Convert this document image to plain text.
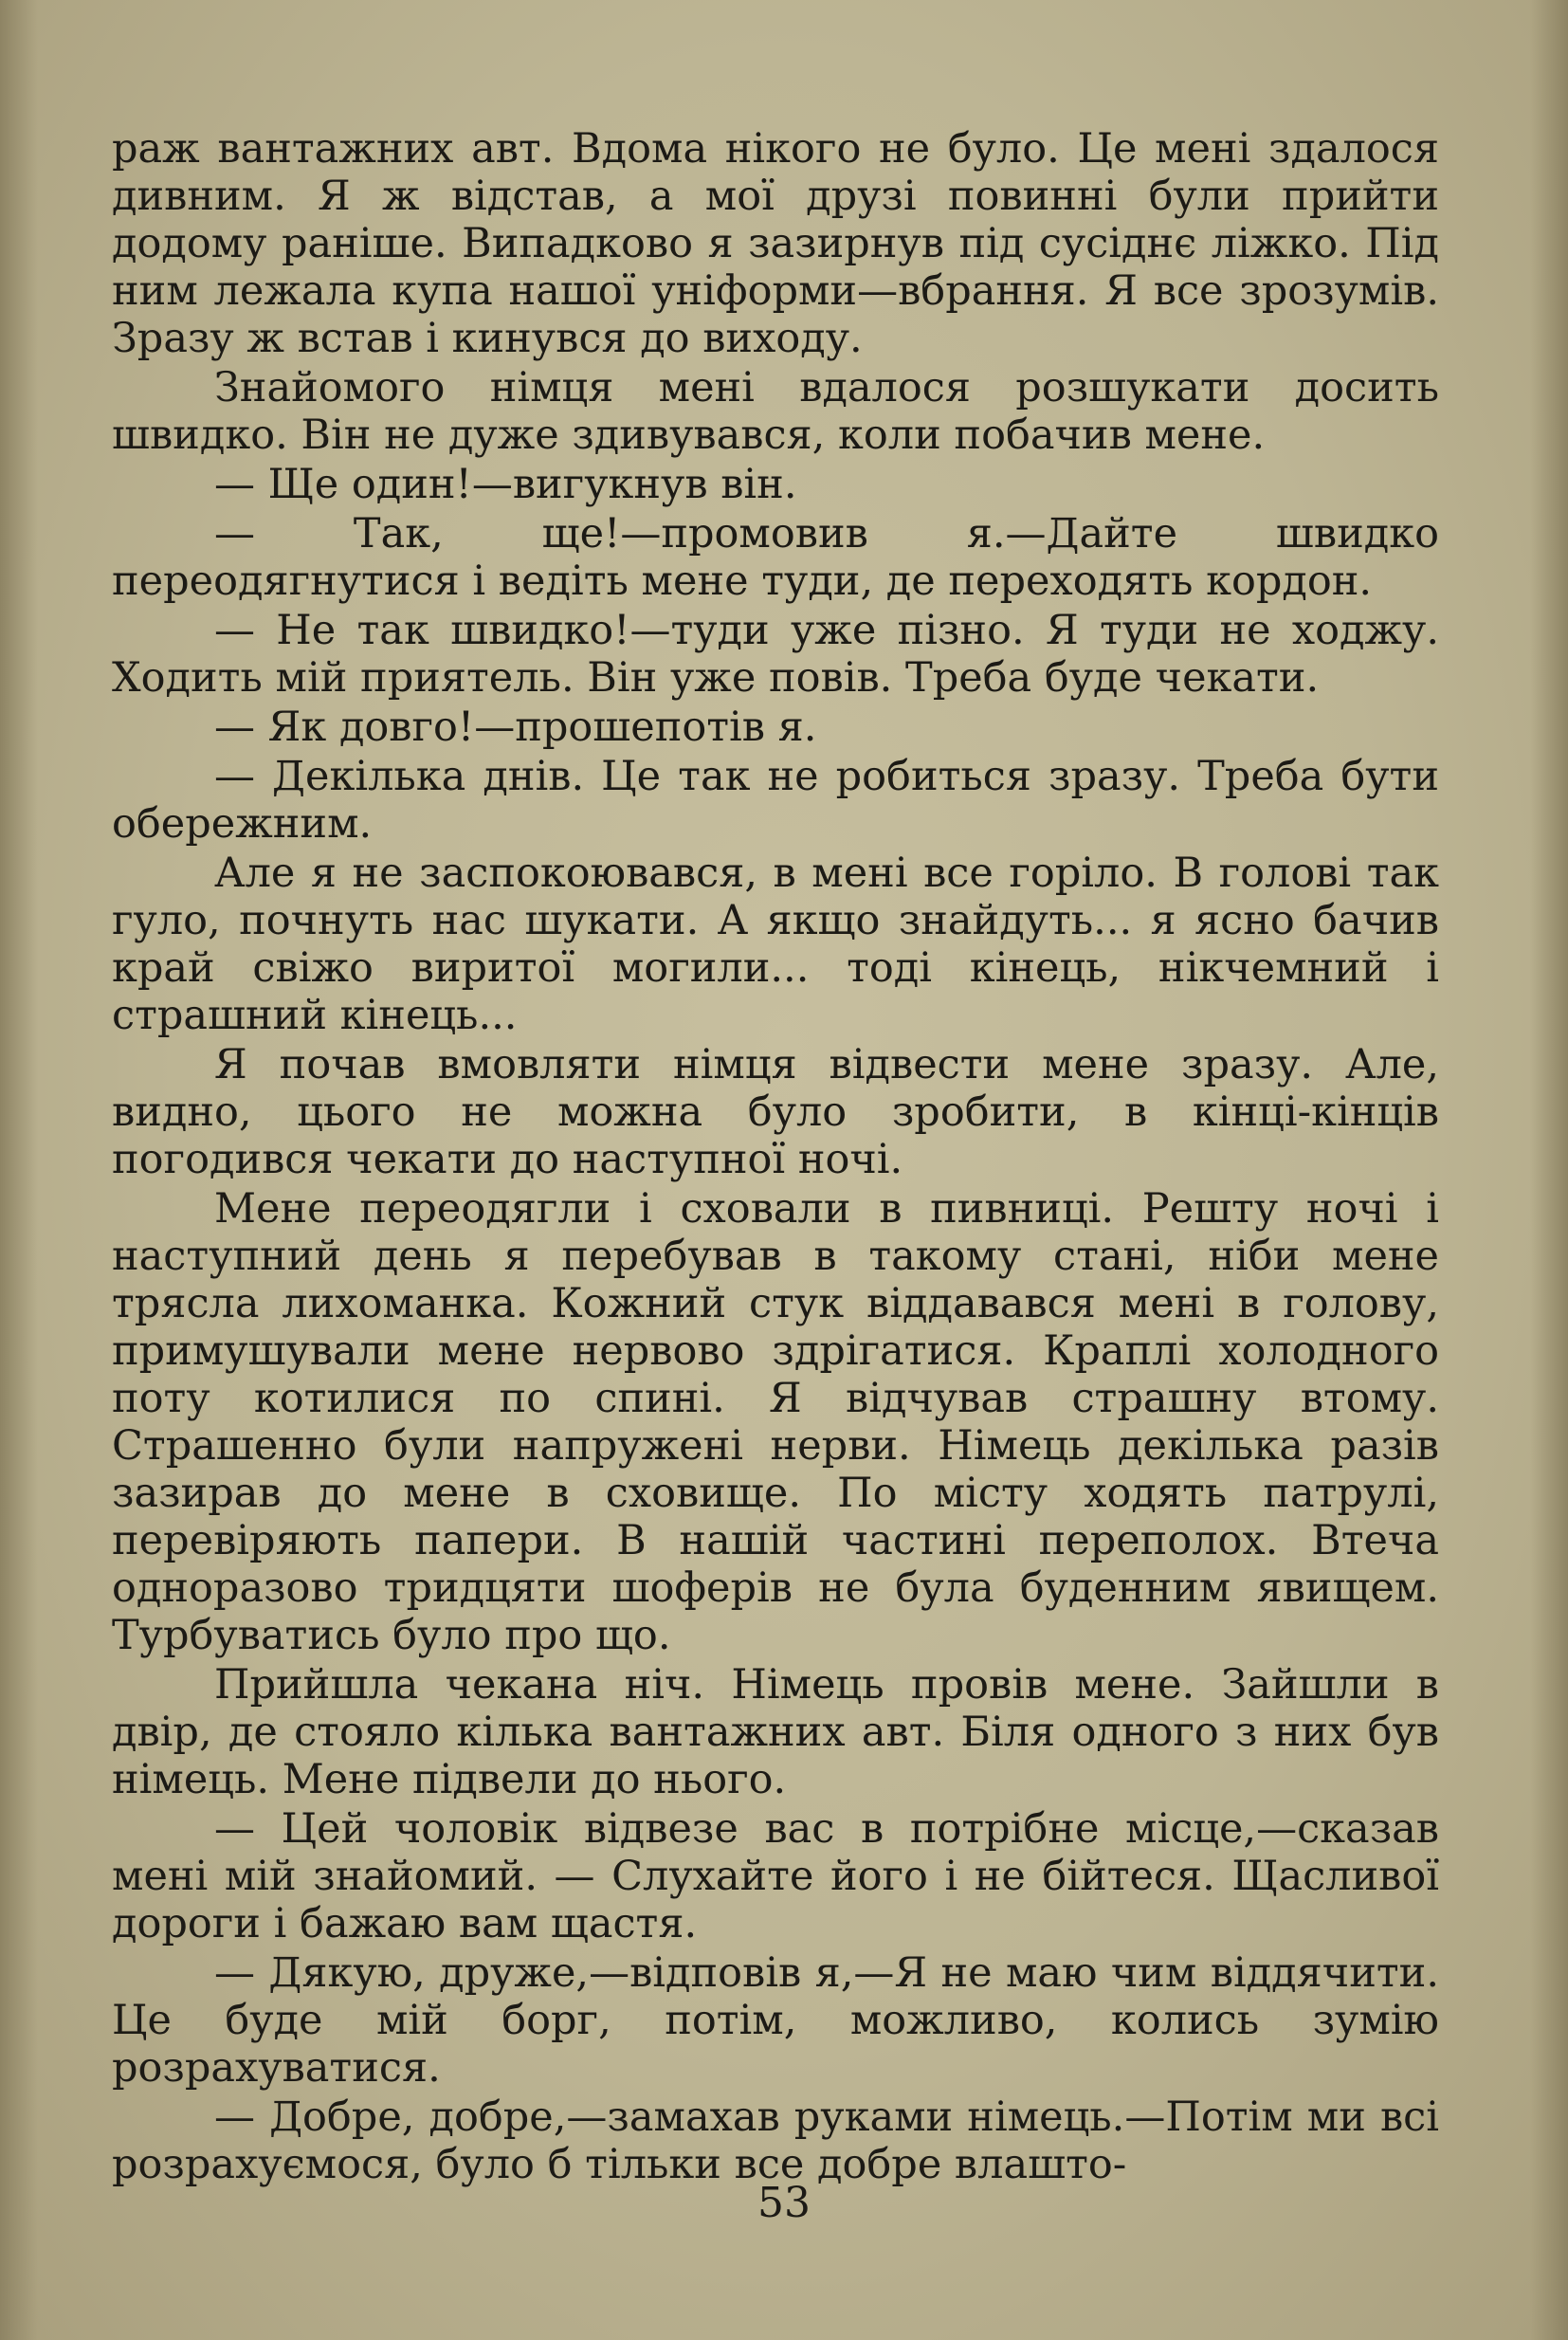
раж вантажних авт. Вдома нікого не було. Це мені здалося дивним. Я ж відстав, а мої друзі повинні були прийти додому раніше. Випадково я зазирнув під сусіднє ліжко. Під ним лежала купа нашої уніформи—вбрання. Я все зрозумів. Зразу ж встав і кинувся до виходу.

Знайомого німця мені вдалося розшукати досить швидко. Він не дуже здивувався, коли побачив мене.

— Ще один!—вигукнув він.

— Так, ще!—промовив я.—Дайте швидко переодягнутися і ведіть мене туди, де переходять кордон.

— Не так швидко!—туди уже пізно. Я туди не ходжу. Ходить мій приятель. Він уже повів. Треба буде чекати.

— Як довго!—прошепотів я.

— Декілька днів. Це так не робиться зразу. Треба бути обережним.

Але я не заспокоювався, в мені все горіло. В голові так гуло, почнуть нас шукати. А якщо знайдуть... я ясно бачив край свіжо виритої могили... тоді кінець, нікчемний і страшний кінець...

Я почав вмовляти німця відвести мене зразу. Але, видно, цього не можна було зробити, в кінці-кінців погодився чекати до наступної ночі.

Мене переодягли і сховали в пивниці. Решту ночі і наступний день я перебував в такому стані, ніби мене трясла лихоманка. Кожний стук віддавався мені в голову, примушували мене нервово здрігатися. Краплі холодного поту котилися по спині. Я відчував страшну втому. Страшенно були напружені нерви. Німець декілька разів зазирав до мене в сховище. По місту ходять патрулі, перевіряють папери. В нашій частині переполох. Втеча одноразово тридцяти шоферів не була буденним явищем. Турбуватись було про що.

Прийшла чекана ніч. Німець провів мене. Зайшли в двір, де стояло кілька вантажних авт. Біля одного з них був німець. Мене підвели до нього.

— Цей чоловік відвезе вас в потрібне місце,—сказав мені мій знайомий. — Слухайте його і не бійтеся. Щасливої дороги і бажаю вам щастя.

— Дякую, друже,—відповів я,—Я не маю чим віддячити. Це буде мій борг, потім, можливо, колись зумію розрахуватися.

— Добре, добре,—замахав руками німець.—Потім ми всі розрахуємося, було б тільки все добре влашто-

53
